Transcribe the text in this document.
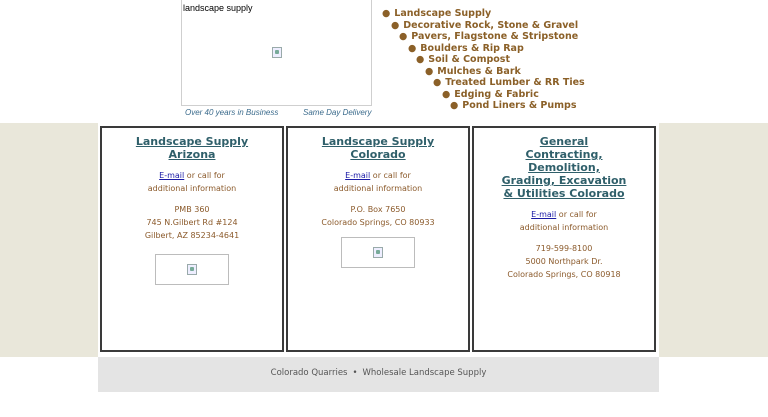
landscape supply
Over 40 years in Business	Same Day Delivery
● Landscape Supply
● Decorative Rock, Stone & Gravel
● Pavers, Flagstone & Stripstone
● Boulders & Rip Rap
● Soil & Compost
● Mulches & Bark
● Treated Lumber & RR Ties
● Edging & Fabric
● Pond Liners & Pumps
Landscape Supply Arizona
E-mail or call for
additional information
PMB 360
745 N.Gilbert Rd #124
Gilbert, AZ 85234-4641
Landscape Supply Colorado
E-mail or call for
additional information
P.O. Box 7650
Colorado Springs, CO 80933
General Contracting, Demolition, Grading, Excavation & Utilities Colorado
E-mail or call for
additional information
719-599-8100
5000 Northpark Dr.
Colorado Springs, CO 80918
Colorado Quarries • Wholesale Landscape Supply
